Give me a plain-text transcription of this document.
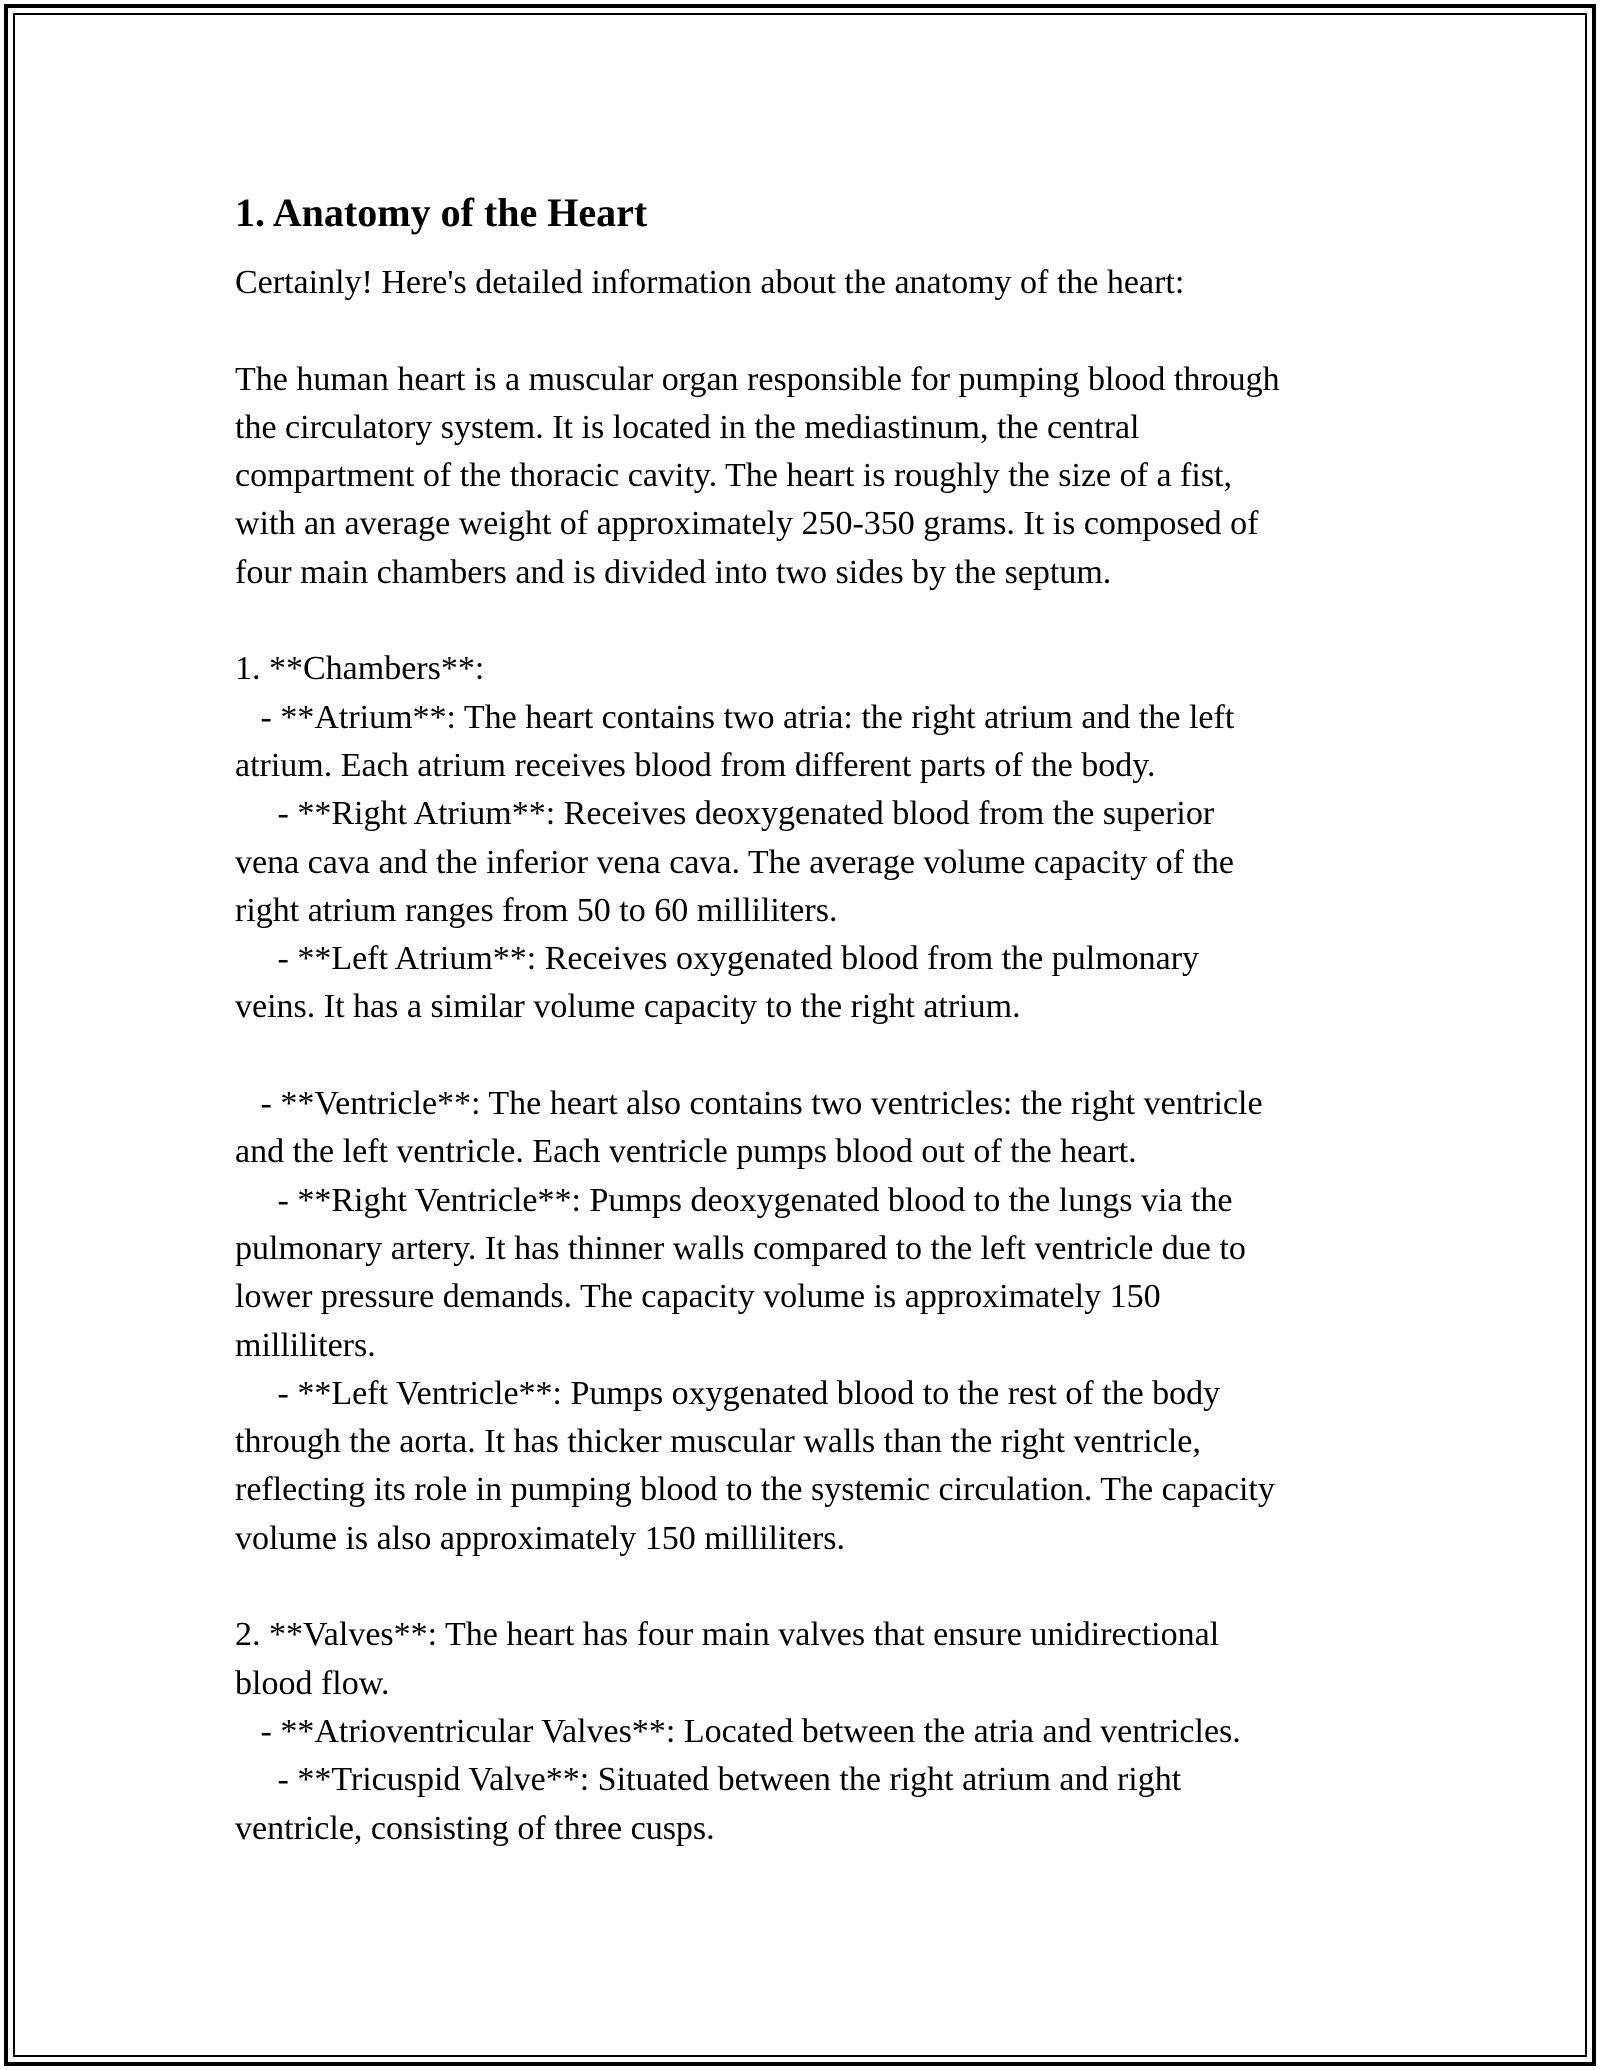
1. Anatomy of the Heart
Certainly! Here's detailed information about the anatomy of the heart:

The human heart is a muscular organ responsible for pumping blood through
the circulatory system. It is located in the mediastinum, the central
compartment of the thoracic cavity. The heart is roughly the size of a fist,
with an average weight of approximately 250-350 grams. It is composed of
four main chambers and is divided into two sides by the septum.

1. **Chambers**:
- **Atrium**: The heart contains two atria: the right atrium and the left
atrium. Each atrium receives blood from different parts of the body.
- **Right Atrium**: Receives deoxygenated blood from the superior
vena cava and the inferior vena cava. The average volume capacity of the
right atrium ranges from 50 to 60 milliliters.
- **Left Atrium**: Receives oxygenated blood from the pulmonary
veins. It has a similar volume capacity to the right atrium.

- **Ventricle**: The heart also contains two ventricles: the right ventricle
and the left ventricle. Each ventricle pumps blood out of the heart.
- **Right Ventricle**: Pumps deoxygenated blood to the lungs via the
pulmonary artery. It has thinner walls compared to the left ventricle due to
lower pressure demands. The capacity volume is approximately 150
milliliters.
- **Left Ventricle**: Pumps oxygenated blood to the rest of the body
through the aorta. It has thicker muscular walls than the right ventricle,
reflecting its role in pumping blood to the systemic circulation. The capacity
volume is also approximately 150 milliliters.

2. **Valves**: The heart has four main valves that ensure unidirectional
blood flow.
- **Atrioventricular Valves**: Located between the atria and ventricles.
- **Tricuspid Valve**: Situated between the right atrium and right
ventricle, consisting of three cusps.
